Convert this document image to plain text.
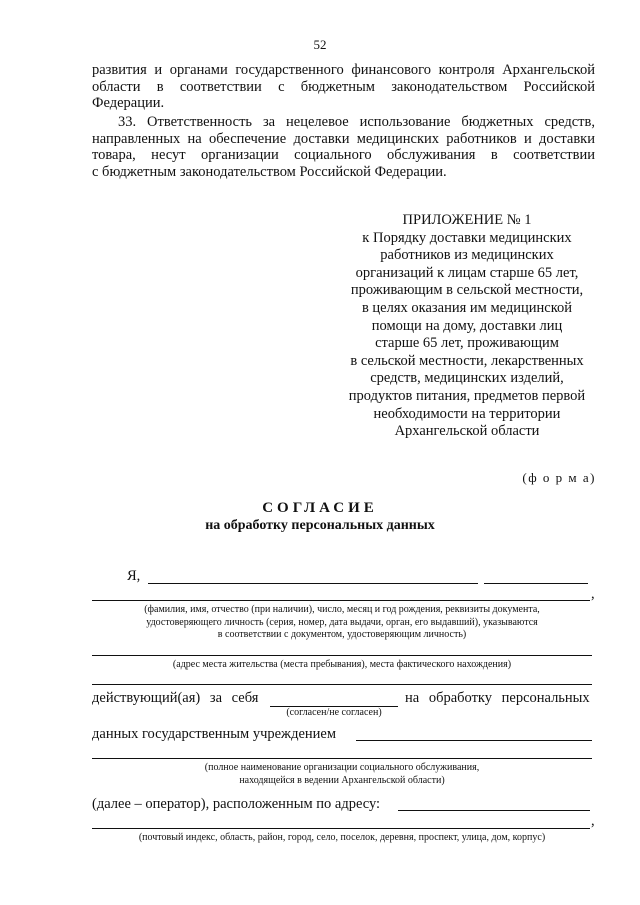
52
развития и органами государственного финансового контроля Архангельской
области в соответствии с бюджетным законодательством Российской
Федерации.
33. Ответственность за нецелевое использование бюджетных средств,
направленных на обеспечение доставки медицинских работников и доставки
товара, несут организации социального обслуживания в соответствии
с бюджетным законодательством Российской Федерации.
ПРИЛОЖЕНИЕ № 1
к Порядку доставки медицинских
работников из медицинских
организаций к лицам старше 65 лет,
проживающим в сельской местности,
в целях оказания им медицинской
помощи на дому, доставки лиц
старше 65 лет, проживающим
в сельской местности, лекарственных
средств, медицинских изделий,
продуктов питания, предметов первой
необходимости на территории
Архангельской области
(ф о р м а)
СОГЛАСИЕ
на обработку персональных данных
Я,
,
(фамилия, имя, отчество (при наличии), число, месяц и год рождения, реквизиты документа,
удостоверяющего личность (серия, номер, дата выдачи, орган, его выдавший), указываются
в соответствии с документом, удостоверяющим личность)
(адрес места жительства (места пребывания), места фактического нахождения)
действующий(ая) за себя	на обработку персональных
(согласен/не согласен)
данных государственным учреждением
(полное наименование организации социального обслуживания,
находящейся в ведении Архангельской области)
(далее – оператор), расположенным по адресу:
,
(почтовый индекс, область, район, город, село, поселок, деревня, проспект, улица, дом, корпус)
